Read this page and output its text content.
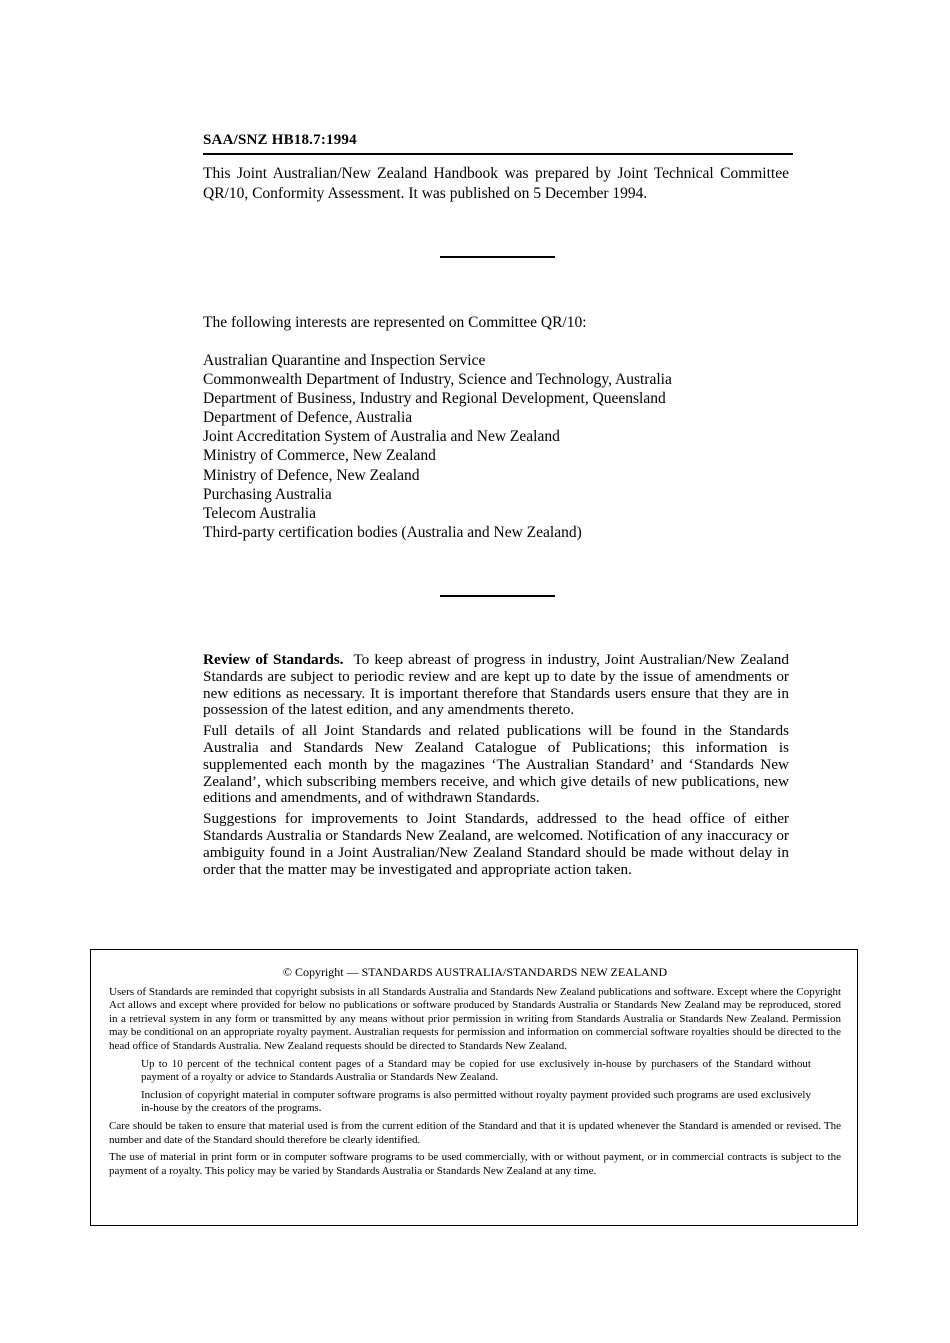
SAA/SNZ HB18.7:1994

This Joint Australian/New Zealand Handbook was prepared by Joint Technical Committee QR/10, Conformity Assessment. It was published on 5 December 1994.

The following interests are represented on Committee QR/10:

Australian Quarantine and Inspection Service
Commonwealth Department of Industry, Science and Technology, Australia
Department of Business, Industry and Regional Development, Queensland
Department of Defence, Australia
Joint Accreditation System of Australia and New Zealand
Ministry of Commerce, New Zealand
Ministry of Defence, New Zealand
Purchasing Australia
Telecom Australia
Third-party certification bodies (Australia and New Zealand)

Review of Standards. To keep abreast of progress in industry, Joint Australian/New Zealand Standards are subject to periodic review and are kept up to date by the issue of amendments or new editions as necessary. It is important therefore that Standards users ensure that they are in possession of the latest edition, and any amendments thereto.

Full details of all Joint Standards and related publications will be found in the Standards Australia and Standards New Zealand Catalogue of Publications; this information is supplemented each month by the magazines ‘The Australian Standard’ and ‘Standards New Zealand’, which subscribing members receive, and which give details of new publications, new editions and amendments, and of withdrawn Standards.

Suggestions for improvements to Joint Standards, addressed to the head office of either Standards Australia or Standards New Zealand, are welcomed. Notification of any inaccuracy or ambiguity found in a Joint Australian/New Zealand Standard should be made without delay in order that the matter may be investigated and appropriate action taken.

© Copyright — STANDARDS AUSTRALIA/STANDARDS NEW ZEALAND

Users of Standards are reminded that copyright subsists in all Standards Australia and Standards New Zealand publications and software. Except where the Copyright Act allows and except where provided for below no publications or software produced by Standards Australia or Standards New Zealand may be reproduced, stored in a retrieval system in any form or transmitted by any means without prior permission in writing from Standards Australia or Standards New Zealand. Permission may be conditional on an appropriate royalty payment. Australian requests for permission and information on commercial software royalties should be directed to the head office of Standards Australia. New Zealand requests should be directed to Standards New Zealand.

Up to 10 percent of the technical content pages of a Standard may be copied for use exclusively in-house by purchasers of the Standard without payment of a royalty or advice to Standards Australia or Standards New Zealand.

Inclusion of copyright material in computer software programs is also permitted without royalty payment provided such programs are used exclusively in-house by the creators of the programs.

Care should be taken to ensure that material used is from the current edition of the Standard and that it is updated whenever the Standard is amended or revised. The number and date of the Standard should therefore be clearly identified.

The use of material in print form or in computer software programs to be used commercially, with or without payment, or in commercial contracts is subject to the payment of a royalty. This policy may be varied by Standards Australia or Standards New Zealand at any time.
